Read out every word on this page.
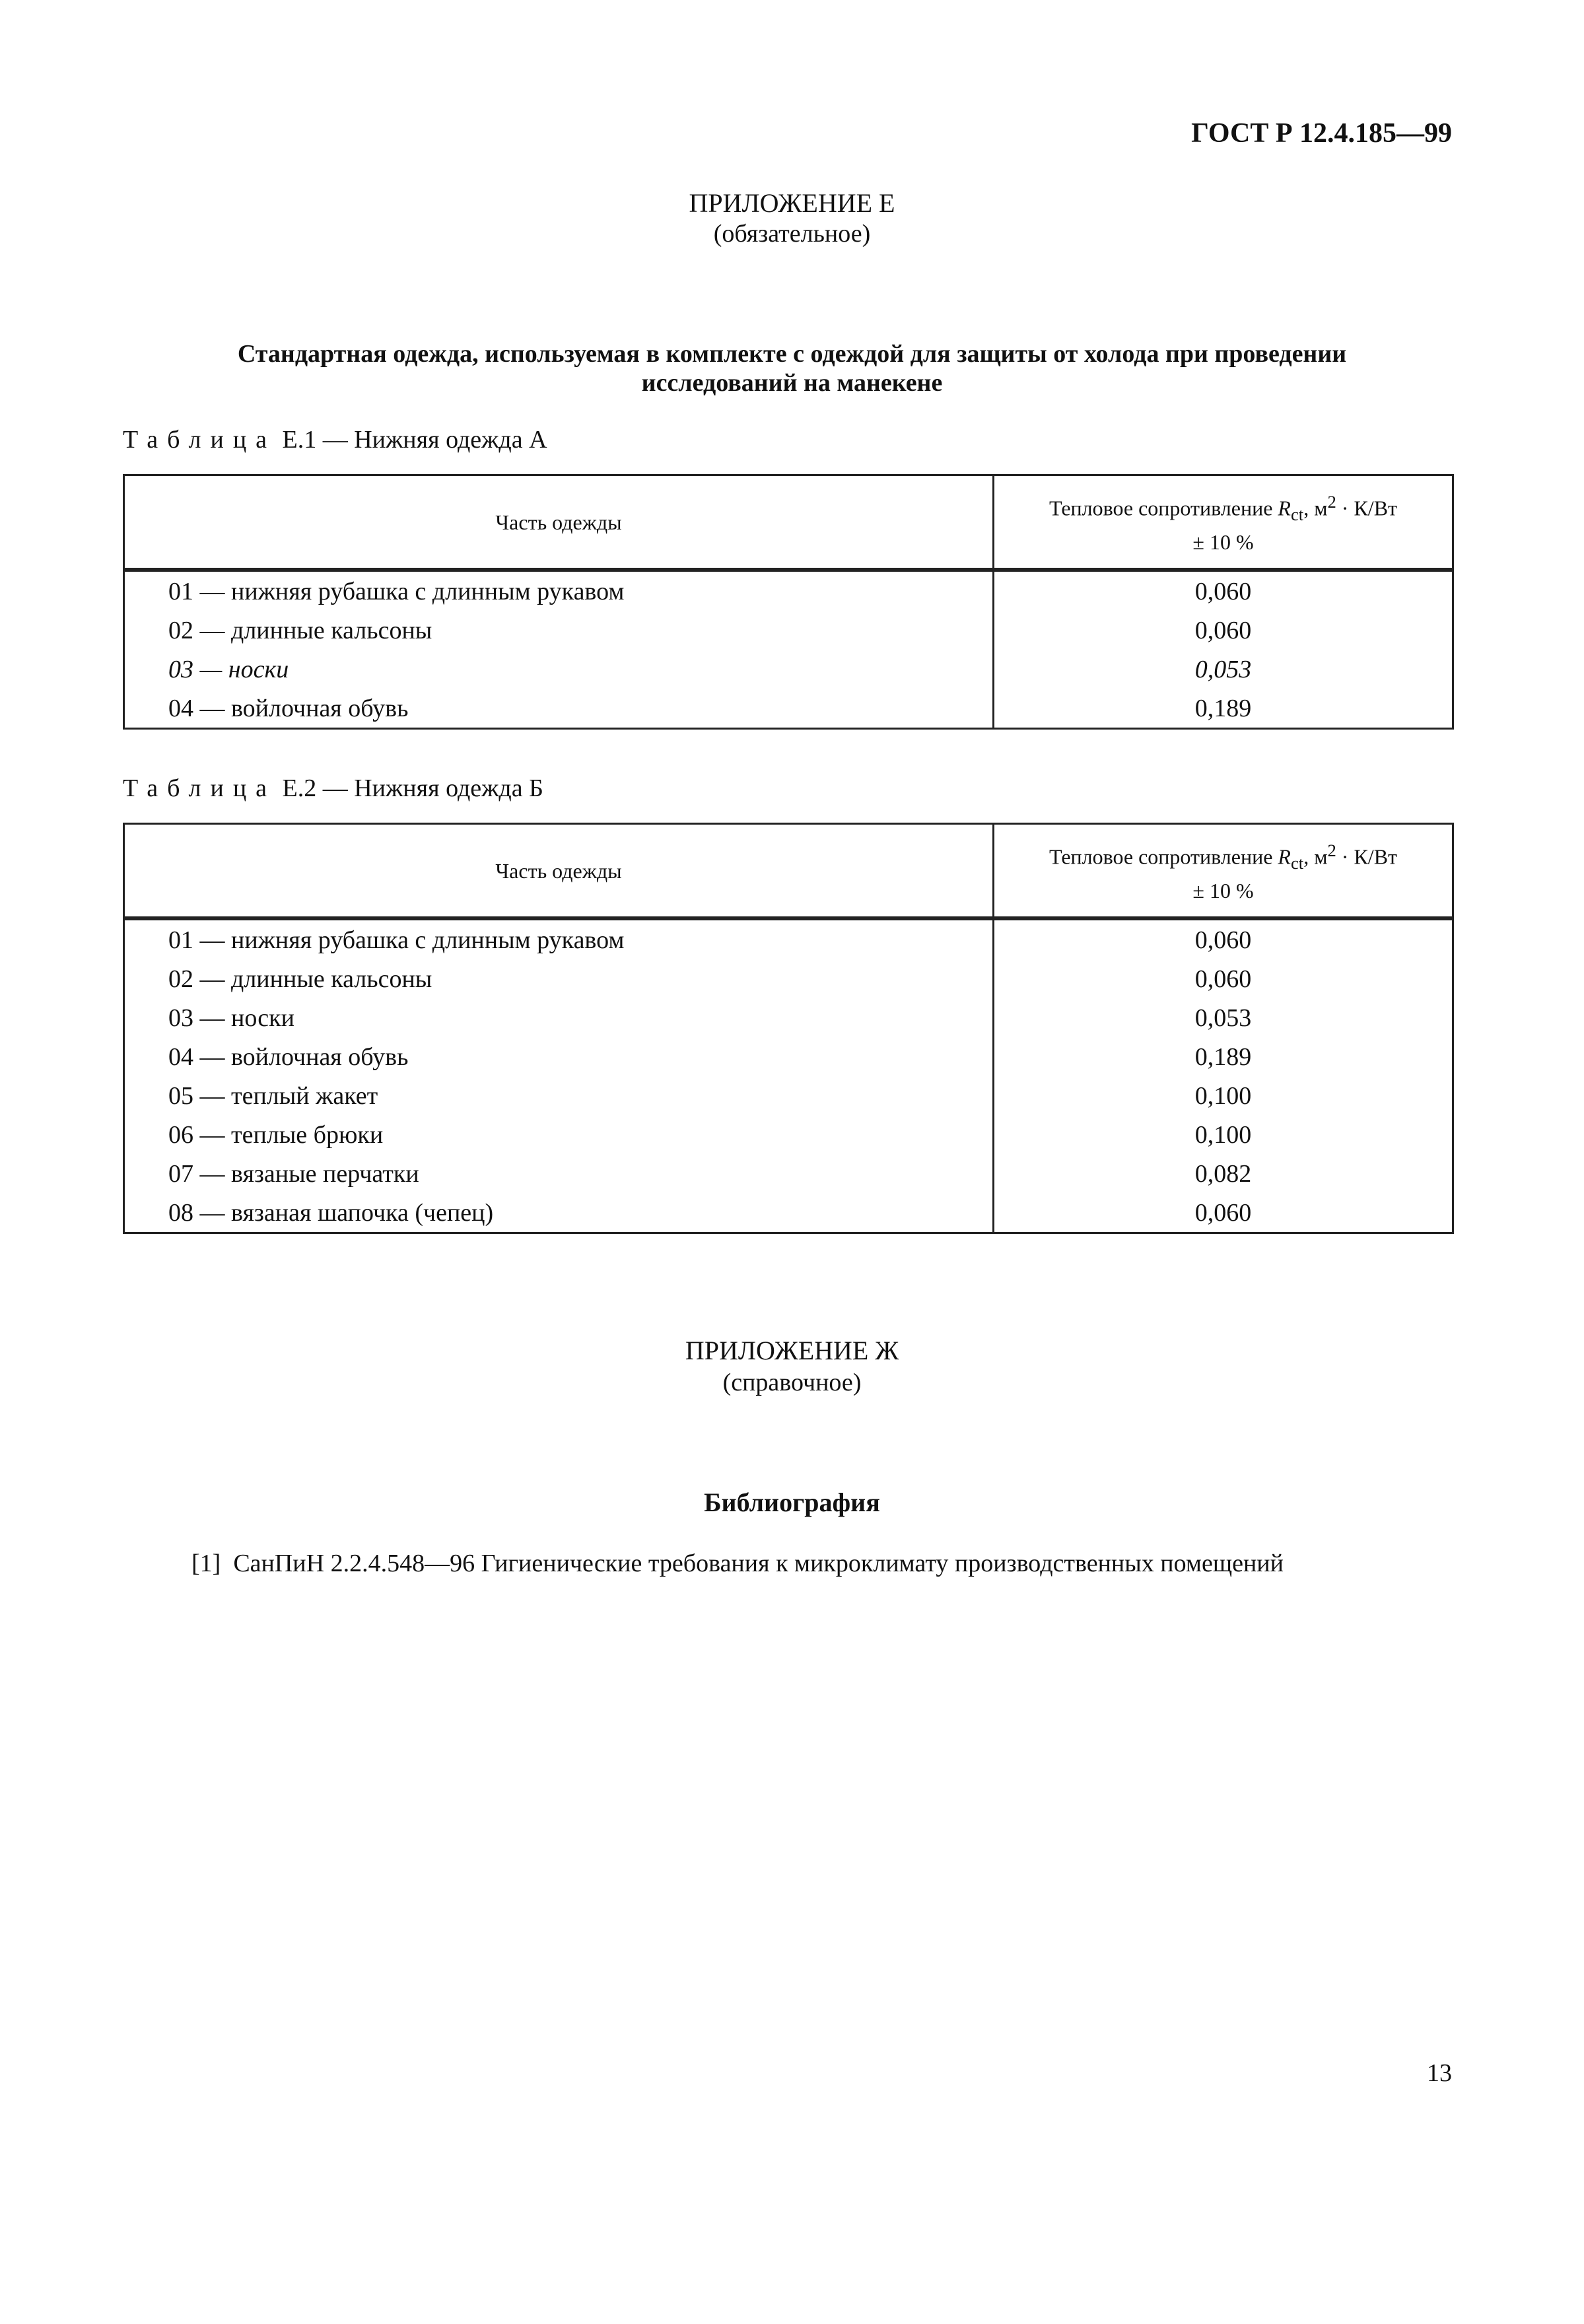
ГОСТ Р 12.4.185—99
ПРИЛОЖЕНИЕ Е
(обязательное)
Стандартная одежда, используемая в комплекте с одеждой для защиты от холода при проведении
исследований на манекене
Таблица Е.1 — Нижняя одежда А
Часть одежды	Тепловое сопротивление $R_{ct}$, $м^2 \cdot К/Вт$
± 10 %
01 — нижняя рубашка с длинным рукавом	0,060
02 — длинные кальсоны	0,060
03 — носки	0,053
04 — войлочная обувь	0,189
Таблица Е.2 — Нижняя одежда Б
Часть одежды	Тепловое сопротивление $R_{ct}$, $м^2 \cdot К/Вт$
± 10 %
01 — нижняя рубашка с длинным рукавом	0,060
02 — длинные кальсоны	0,060
03 — носки	0,053
04 — войлочная обувь	0,189
05 — теплый жакет	0,100
06 — теплые брюки	0,100
07 — вязаные перчатки	0,082
08 — вязаная шапочка (чепец)	0,060
ПРИЛОЖЕНИЕ Ж
(справочное)
Библиография
[1] СанПиН 2.2.4.548—96 Гигиенические требования к микроклимату производственных помещений
13
